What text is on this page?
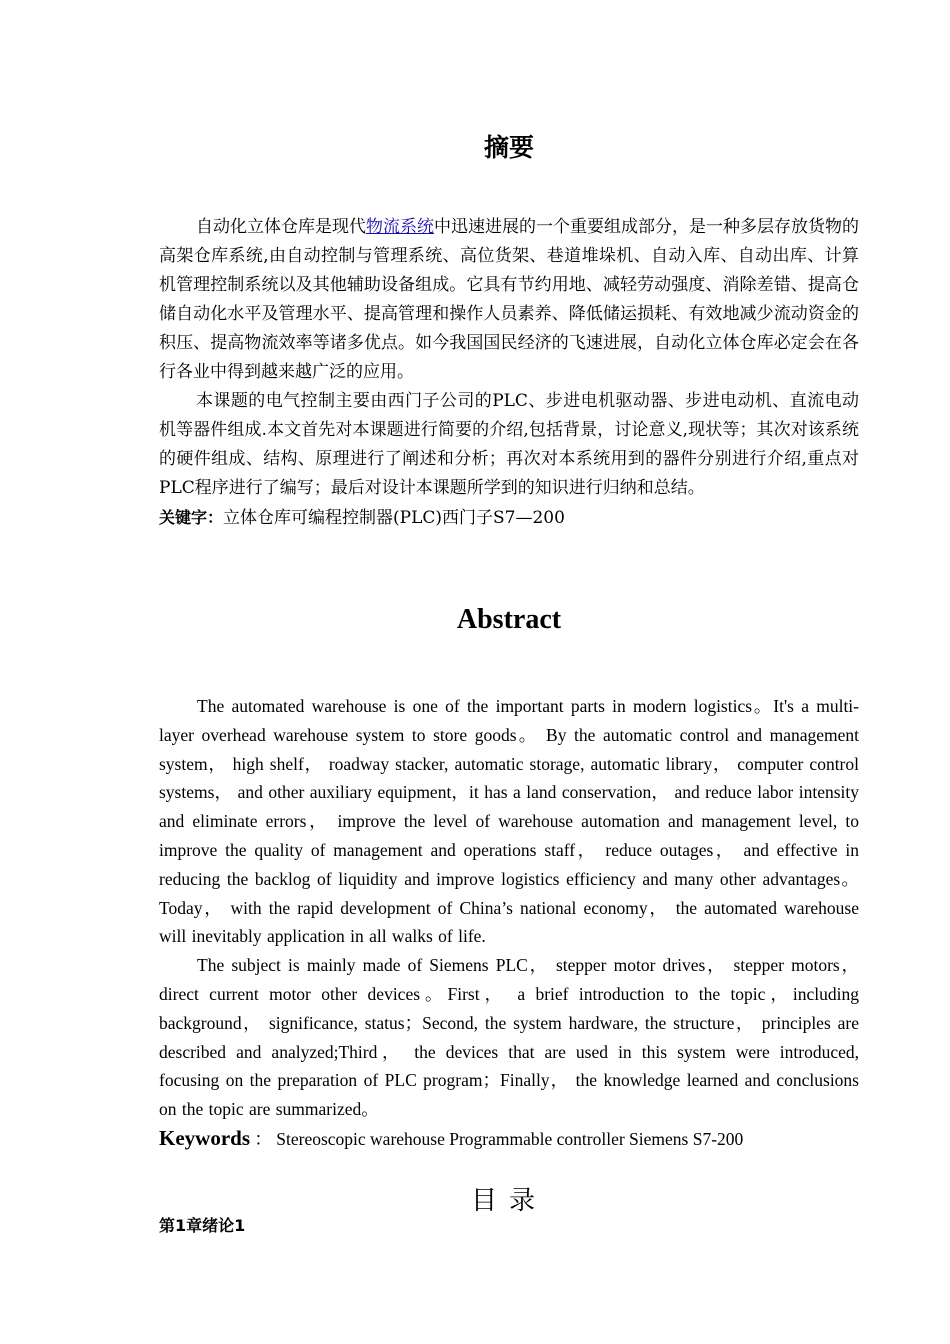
摘要

自动化立体仓库是现代物流系统中迅速进展的一个重要组成部分，是一种多层存放货物的高架仓库系统,由自动控制与管理系统、高位货架、巷道堆垛机、自动入库、自动出库、计算机管理控制系统以及其他辅助设备组成。它具有节约用地、减轻劳动强度、消除差错、提高仓储自动化水平及管理水平、提高管理和操作人员素养、降低储运损耗、有效地减少流动资金的积压、提高物流效率等诸多优点。如今我国国民经济的飞速进展，自动化立体仓库必定会在各行各业中得到越来越广泛的应用。

本课题的电气控制主要由西门子公司的PLC、步进电机驱动器、步进电动机、直流电动机等器件组成.本文首先对本课题进行简要的介绍,包括背景，讨论意义,现状等；其次对该系统的硬件组成、结构、原理进行了阐述和分析；再次对本系统用到的器件分别进行介绍,重点对PLC程序进行了编写；最后对设计本课题所学到的知识进行归纳和总结。

关键字：立体仓库可编程控制器(PLC)西门子S7—200

Abstract

The automated warehouse is one of the important parts in modern logistics。It's a multi-layer overhead warehouse system to store goods。 By the automatic control and management system， high shelf， roadway stacker, automatic storage, automatic library， computer control systems， and other auxiliary equipment，it has a land conservation， and reduce labor intensity and eliminate errors， improve the level of warehouse automation and management level, to improve the quality of management and operations staff， reduce outages， and effective in reducing the backlog of liquidity and improve logistics efficiency and many other advantages。Today， with the rapid development of China’s national economy， the automated warehouse will inevitably application in all walks of life.

The subject is mainly made of Siemens PLC， stepper motor drives， stepper motors， direct current motor other devices。First， a brief introduction to the topic，including background， significance, status；Second, the system hardware, the structure， principles are described and analyzed;Third， the devices that are used in this system were introduced, focusing on the preparation of PLC program；Finally， the knowledge learned and conclusions on the topic are summarized。

Keywords ： Stereoscopic warehouse Programmable controller Siemens S7-200

目录
第1章绪论1
